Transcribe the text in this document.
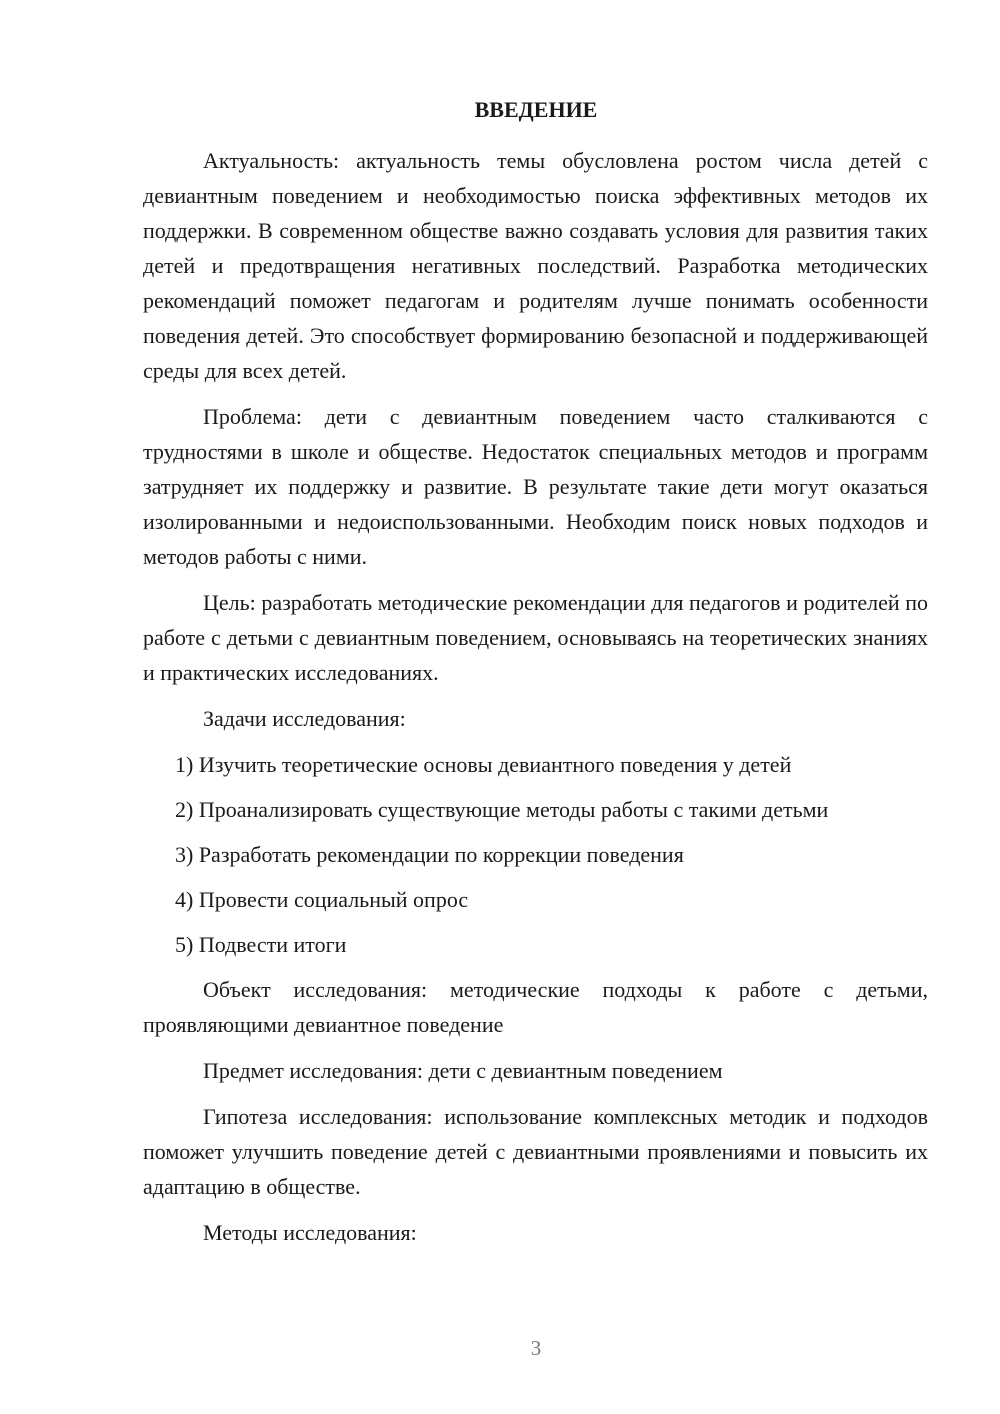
ВВЕДЕНИЕ

Актуальность: актуальность темы обусловлена ростом числа детей с девиантным поведением и необходимостью поиска эффективных методов их поддержки. В современном обществе важно создавать условия для развития таких детей и предотвращения негативных последствий. Разработка методических рекомендаций поможет педагогам и родителям лучше понимать особенности поведения детей. Это способствует формированию безопасной и поддерживающей среды для всех детей.

Проблема: дети с девиантным поведением часто сталкиваются с трудностями в школе и обществе. Недостаток специальных методов и программ затрудняет их поддержку и развитие. В результате такие дети могут оказаться изолированными и недоиспользованными. Необходим поиск новых подходов и методов работы с ними.

Цель: разработать методические рекомендации для педагогов и родителей по работе с детьми с девиантным поведением, основываясь на теоретических знаниях и практических исследованиях.

Задачи исследования:

1) Изучить теоретические основы девиантного поведения у детей
2) Проанализировать существующие методы работы с такими детьми
3) Разработать рекомендации по коррекции поведения
4) Провести социальный опрос
5) Подвести итоги

Объект исследования: методические подходы к работе с детьми, проявляющими девиантное поведение

Предмет исследования: дети с девиантным поведением

Гипотеза исследования: использование комплексных методик и подходов поможет улучшить поведение детей с девиантными проявлениями и повысить их адаптацию в обществе.

Методы исследования:

3
